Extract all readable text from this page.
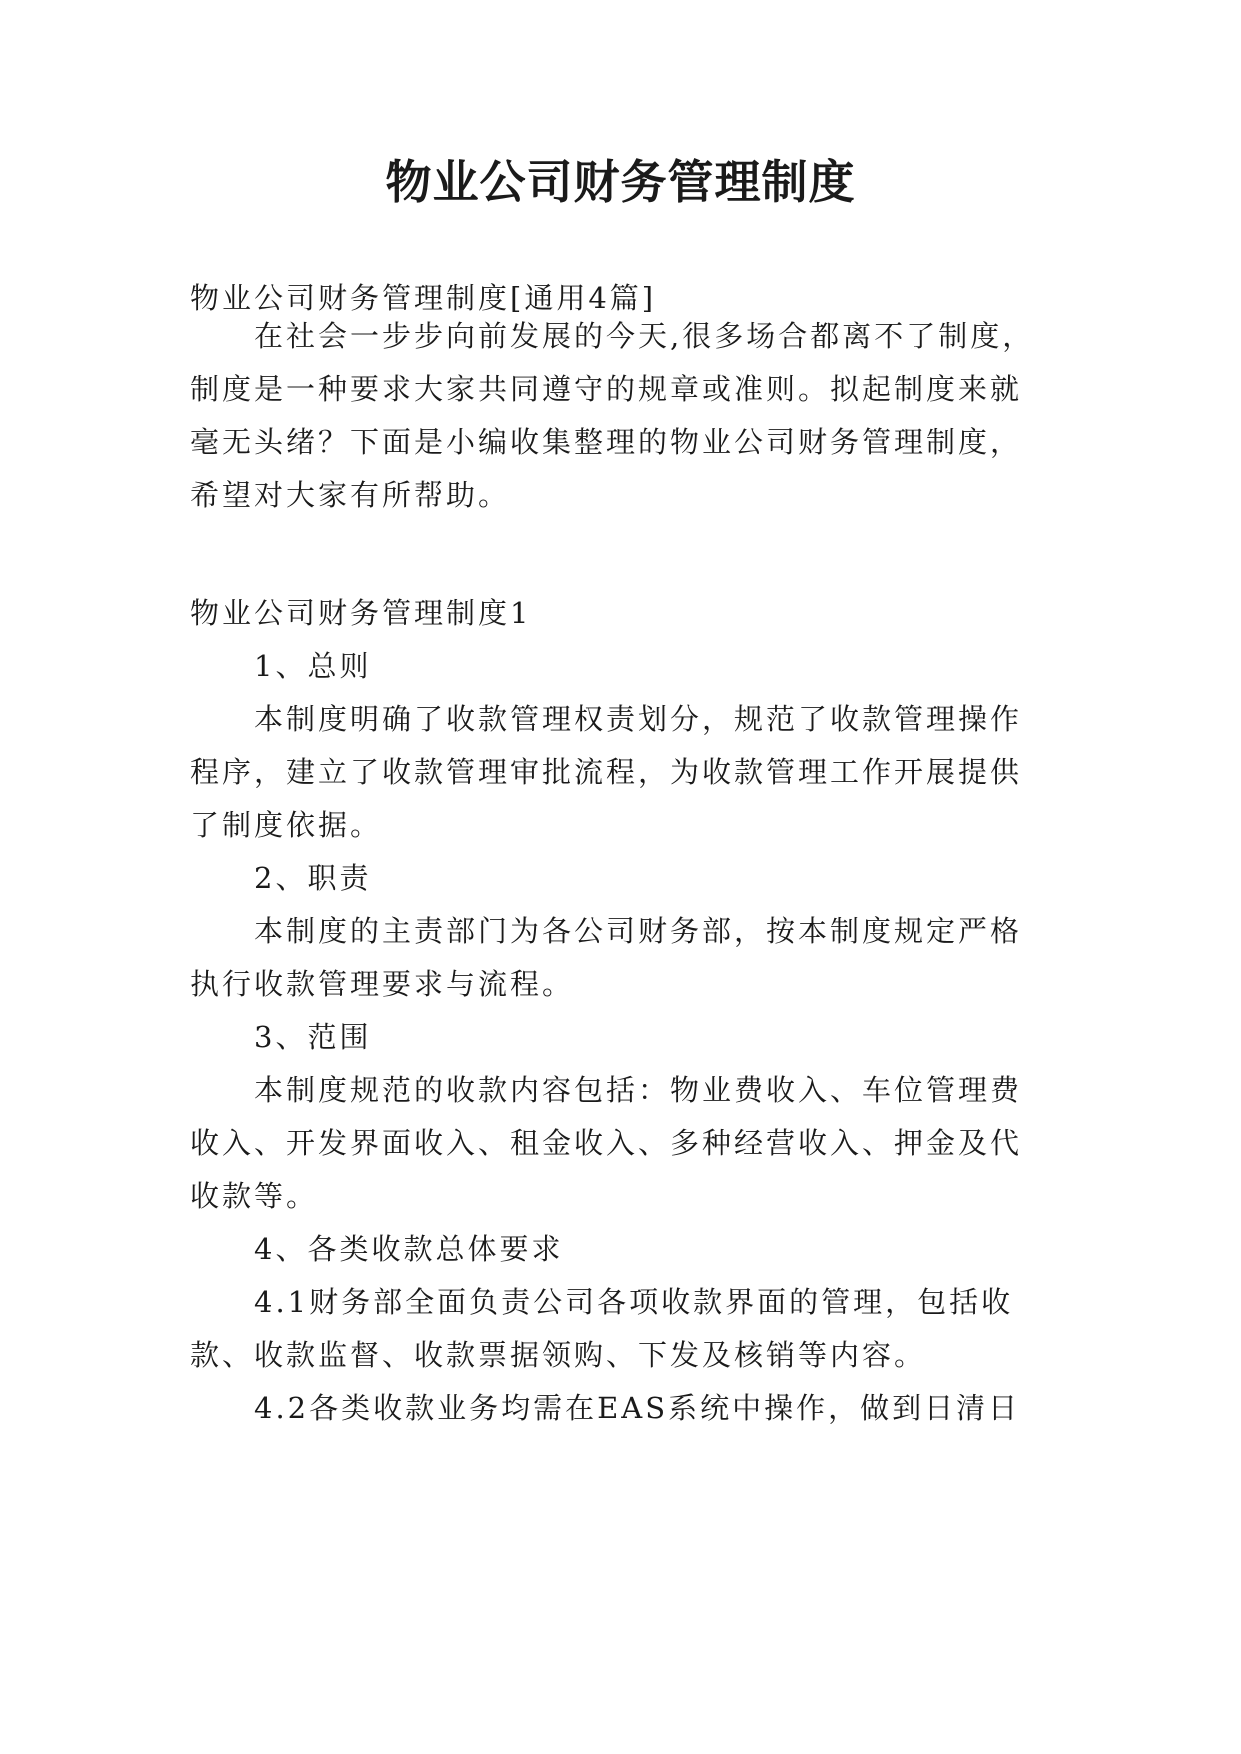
物业公司财务管理制度

物业公司财务管理制度[通用4篇]

在社会一步步向前发展的今天,很多场合都离不了制度，

制度是一种要求大家共同遵守的规章或准则。拟起制度来就

毫无头绪？下面是小编收集整理的物业公司财务管理制度，

希望对大家有所帮助。

物业公司财务管理制度1

1、总则

本制度明确了收款管理权责划分，规范了收款管理操作

程序，建立了收款管理审批流程，为收款管理工作开展提供

了制度依据。

2、职责

本制度的主责部门为各公司财务部，按本制度规定严格

执行收款管理要求与流程。

3、范围

本制度规范的收款内容包括：物业费收入、车位管理费

收入、开发界面收入、租金收入、多种经营收入、押金及代

收款等。

4、各类收款总体要求

4.1财务部全面负责公司各项收款界面的管理，包括收

款、收款监督、收款票据领购、下发及核销等内容。

4.2各类收款业务均需在EAS系统中操作，做到日清日
